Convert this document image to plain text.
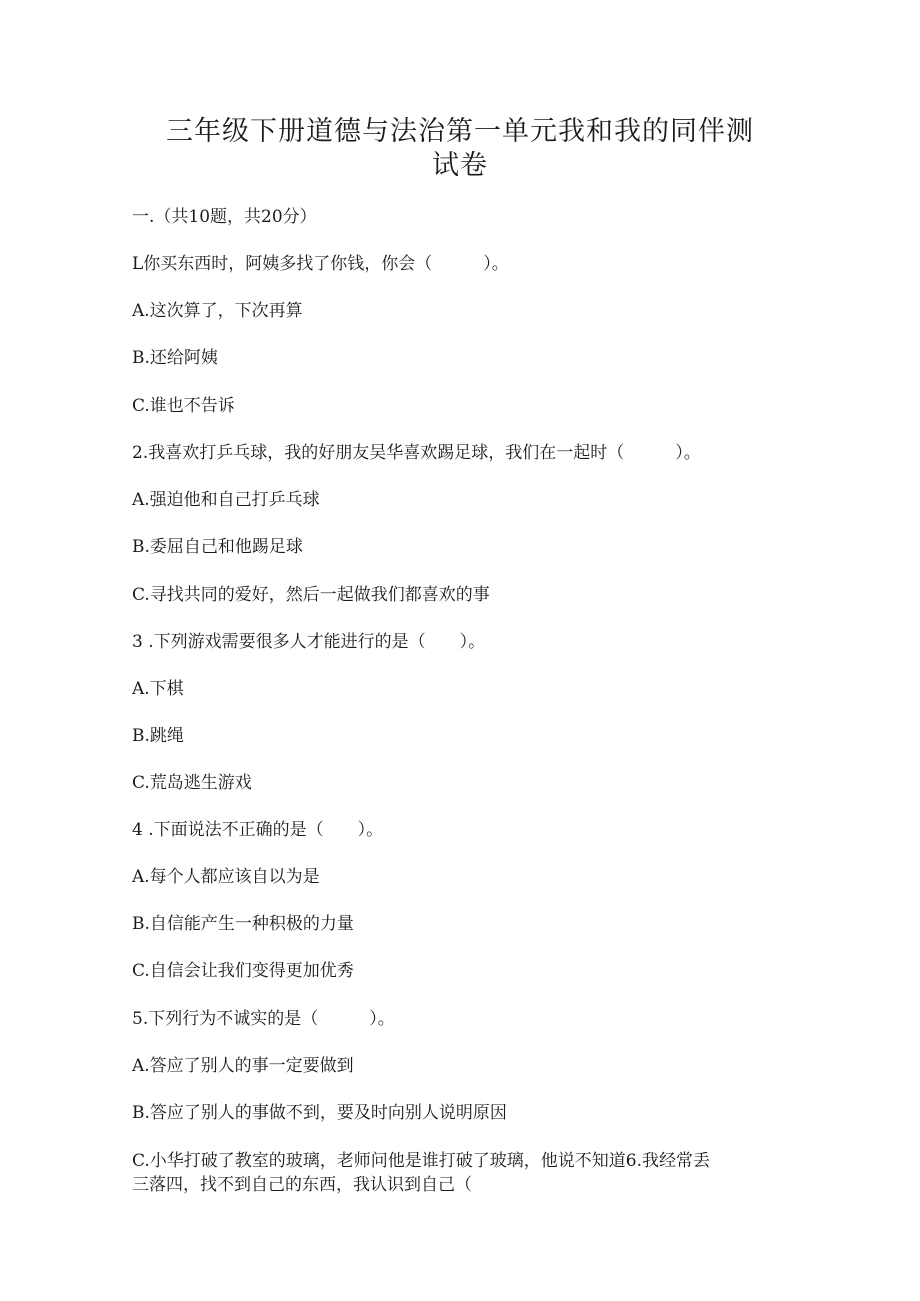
三年级下册道德与法治第一单元我和我的同伴测
试卷
一.（共10题，共20分）
L你买东西时，阿姨多找了你钱，你会（　　　）。
A.这次算了，下次再算
B.还给阿姨
C.谁也不告诉
2.我喜欢打乒乓球，我的好朋友吴华喜欢踢足球，我们在一起时（　　　）。
A.强迫他和自己打乒乓球
B.委屈自己和他踢足球
C.寻找共同的爱好，然后一起做我们都喜欢的事
3 .下列游戏需要很多人才能进行的是（　　）。
A.下棋
B.跳绳
C.荒岛逃生游戏
4 .下面说法不正确的是（　　）。
A.每个人都应该自以为是
B.自信能产生一种积极的力量
C.自信会让我们变得更加优秀
5.下列行为不诚实的是（　　　）。
A.答应了别人的事一定要做到
B.答应了别人的事做不到，要及时向别人说明原因
C.小华打破了教室的玻璃，老师问他是谁打破了玻璃，他说不知道6.我经常丢
三落四，找不到自己的东西，我认识到自己（
